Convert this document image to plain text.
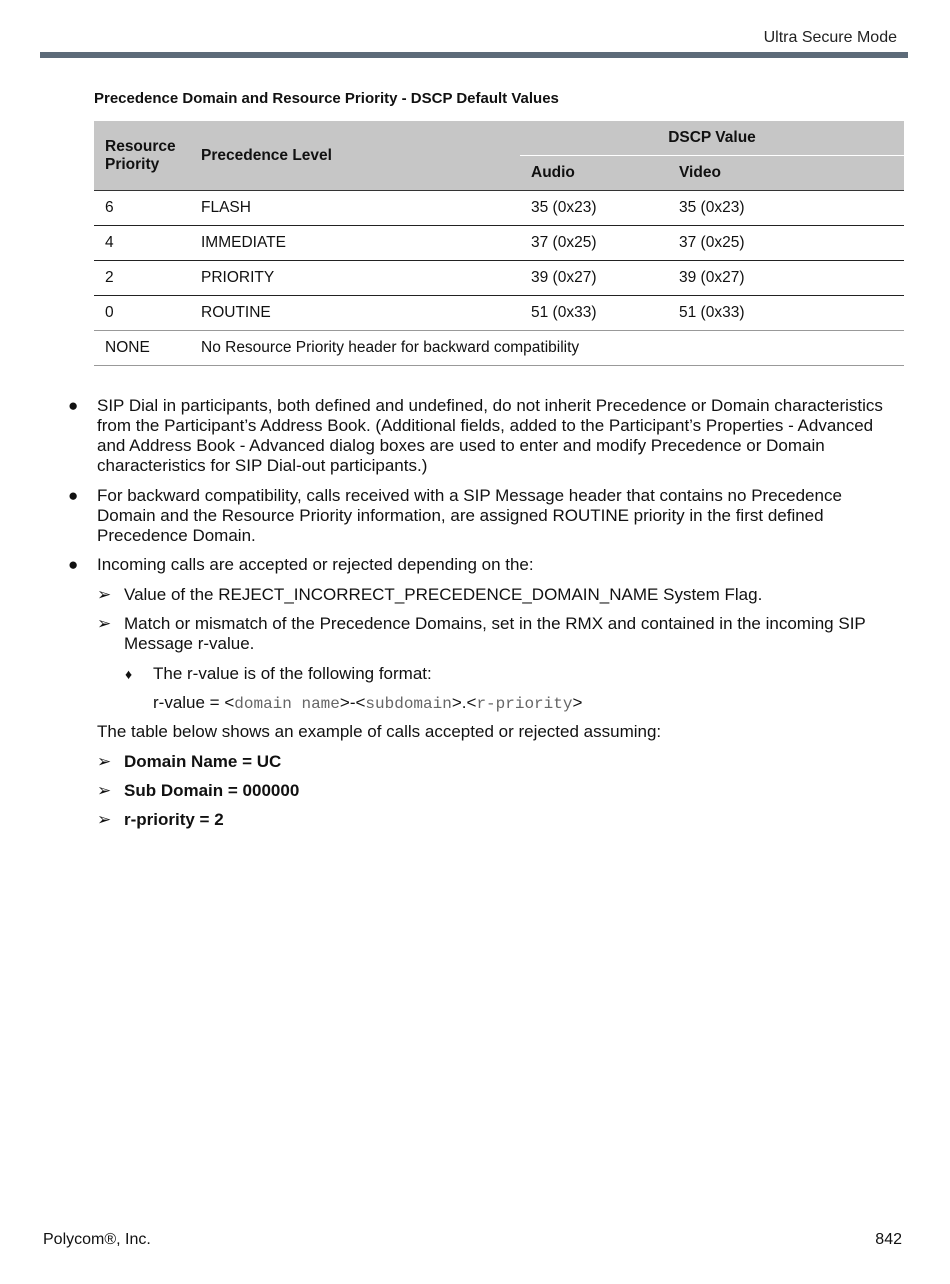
Ultra Secure Mode
Precedence Domain and Resource Priority - DSCP Default Values
Resource Priority	Precedence Level	DSCP Value	
		Audio	Video
6	FLASH	35 (0x23)	35 (0x23)
4	IMMEDIATE	37 (0x25)	37 (0x25)
2	PRIORITY	39 (0x27)	39 (0x27)
0	ROUTINE	51 (0x33)	51 (0x33)
NONE	No Resource Priority header for backward compatibility		
● SIP Dial in participants, both defined and undefined, do not inherit Precedence or Domain characteristics from the Participant’s Address Book. (Additional fields, added to the Participant’s Properties - Advanced and Address Book - Advanced dialog boxes are used to enter and modify Precedence or Domain characteristics for SIP Dial-out participants.)
● For backward compatibility, calls received with a SIP Message header that contains no Precedence Domain and the Resource Priority information, are assigned ROUTINE priority in the first defined Precedence Domain.
● Incoming calls are accepted or rejected depending on the:
➢ Value of the REJECT_INCORRECT_PRECEDENCE_DOMAIN_NAME System Flag.
➢ Match or mismatch of the Precedence Domains, set in the RMX and contained in the incoming SIP Message r-value.
♦ The r-value is of the following format:
r-value = <domain name>-<subdomain>.<r-priority>
The table below shows an example of calls accepted or rejected assuming:
➢ Domain Name = UC
➢ Sub Domain = 000000
➢ r-priority = 2
Polycom®, Inc.	842
